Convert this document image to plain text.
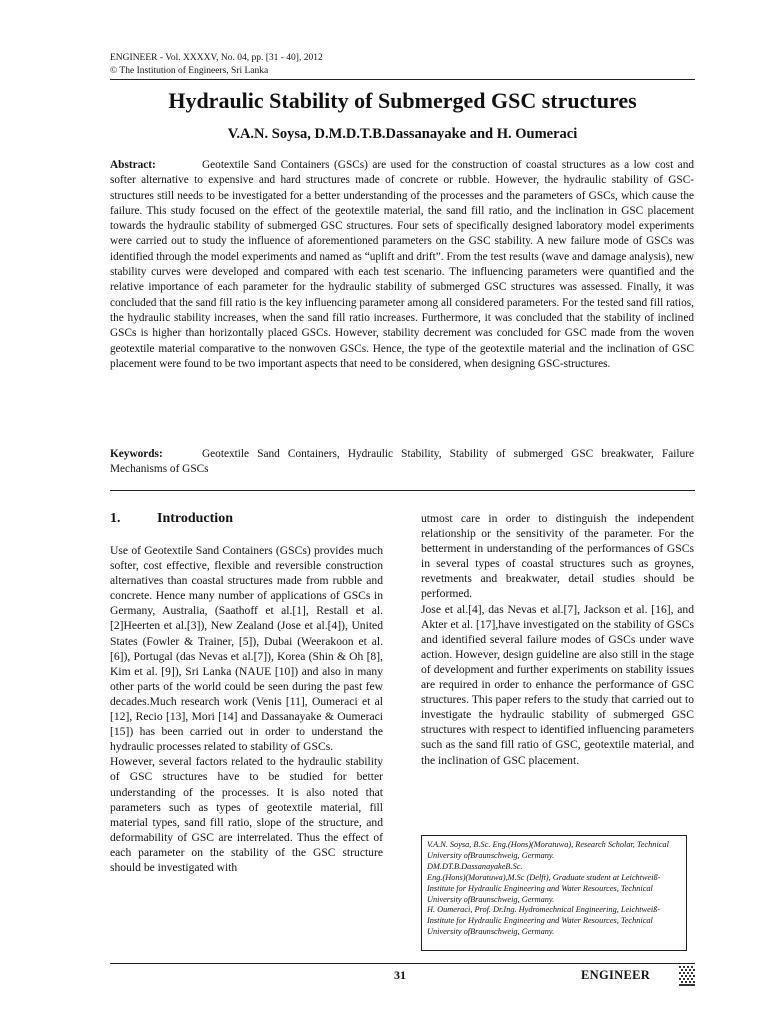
ENGINEER - Vol. XXXXV, No. 04, pp. [31 - 40], 2012
© The Institution of Engineers, Sri Lanka
Hydraulic Stability of Submerged GSC structures
V.A.N. Soysa, D.M.D.T.B.Dassanayake and H. Oumeraci

Abstract:	Geotextile Sand Containers (GSCs) are used for the construction of coastal structures as a low cost and softer alternative to expensive and hard structures made of concrete or rubble. However, the hydraulic stability of GSC-structures still needs to be investigated for a better understanding of the processes and the parameters of GSCs, which cause the failure. This study focused on the effect of the geotextile material, the sand fill ratio, and the inclination in GSC placement towards the hydraulic stability of submerged GSC structures. Four sets of specifically designed laboratory model experiments were carried out to study the influence of aforementioned parameters on the GSC stability. A new failure mode of GSCs was identified through the model experiments and named as “uplift and drift”. From the test results (wave and damage analysis), new stability curves were developed and compared with each test scenario. The influencing parameters were quantified and the relative importance of each parameter for the hydraulic stability of submerged GSC structures was assessed. Finally, it was concluded that the sand fill ratio is the key influencing parameter among all considered parameters. For the tested sand fill ratios, the hydraulic stability increases, when the sand fill ratio increases. Furthermore, it was concluded that the stability of inclined GSCs is higher than horizontally placed GSCs. However, stability decrement was concluded for GSC made from the woven geotextile material comparative to the nonwoven GSCs. Hence, the type of the geotextile material and the inclination of GSC placement were found to be two important aspects that need to be considered, when designing GSC-structures.

Keywords:	Geotextile Sand Containers, Hydraulic Stability, Stability of submerged GSC breakwater, Failure Mechanisms of GSCs

1.	Introduction

Use of Geotextile Sand Containers (GSCs) provides much softer, cost effective, flexible and reversible construction alternatives than coastal structures made from rubble and concrete. Hence many number of applications of GSCs in Germany, Australia, (Saathoff et al.[1], Restall et al.[2]Heerten et al.[3]), New Zealand (Jose et al.[4]), United States (Fowler & Trainer, [5]), Dubai (Weerakoon et al.[6]), Portugal (das Nevas et al.[7]), Korea (Shin & Oh [8], Kim et al. [9]), Sri Lanka (NAUE [10]) and also in many other parts of the world could be seen during the past few decades.Much research work (Venis [11], Oumeraci et al [12], Recio [13], Mori [14] and Dassanayake & Oumeraci [15]) has been carried out in order to understand the hydraulic processes related to stability of GSCs.

However, several factors related to the hydraulic stability of GSC structures have to be studied for better understanding of the processes. It is also noted that parameters such as types of geotextile material, fill material types, sand fill ratio, slope of the structure, and deformability of GSC are interrelated. Thus the effect of each parameter on the stability of the GSC structure should be investigated with

utmost care in order to distinguish the independent relationship or the sensitivity of the parameter. For the betterment in understanding of the performances of GSCs in several types of coastal structures such as groynes, revetments and breakwater, detail studies should be performed.

Jose et al.[4], das Nevas et al.[7], Jackson et al. [16], and Akter et al. [17],have investigated on the stability of GSCs and identified several failure modes of GSCs under wave action. However, design guideline are also still in the stage of development and further experiments on stability issues are required in order to enhance the performance of GSC structures. This paper refers to the study that carried out to investigate the hydraulic stability of submerged GSC structures with respect to identified influencing parameters such as the sand fill ratio of GSC, geotextile material, and the inclination of GSC placement.

V.A.N. Soysa, B.Sc. Eng.(Hons)(Moratuwa), Research Scholar, Technical University ofBraunschweig, Germany.

DM.DT.B.DassanayakeB.Sc.

Eng.(Hons)(Moratuwa),M.Sc (Delft), Graduate student at Leichtweiß-Institute for Hydraulic Engineering and Water Resources, Technical University ofBraunschweig, Germany.

H. Oumeraci, Prof. Dr.Ing. Hydromechnical Engineering, Leichtweiß-Institute for Hydraulic Engineering and Water Resources, Technical University ofBraunschweig, Germany.

31	ENGINEER
